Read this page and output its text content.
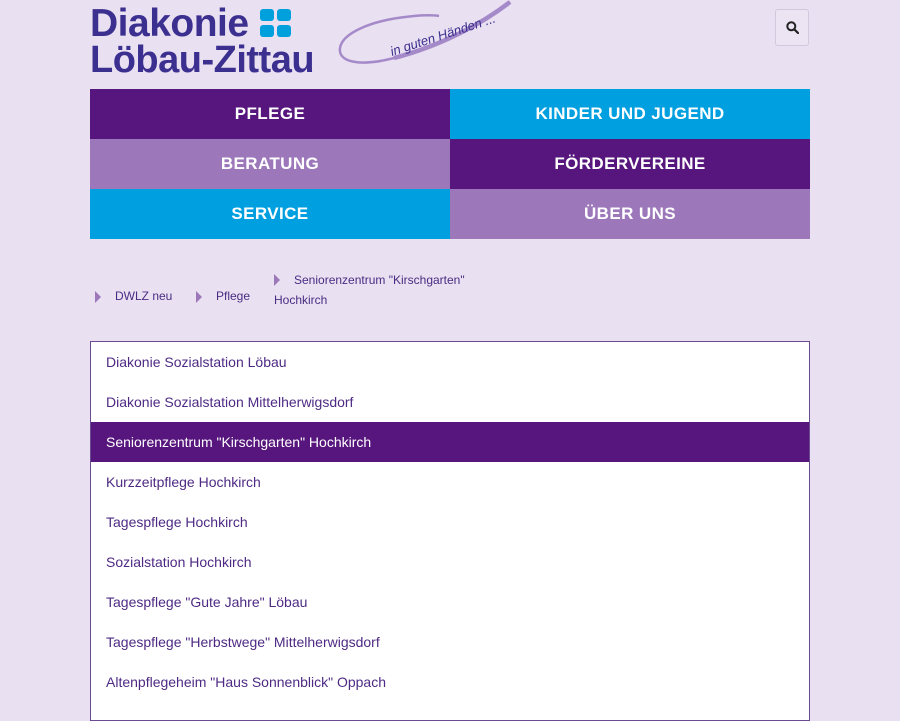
Diakonie
Löbau-Zittau
in guten Händen ...
PFLEGE	KINDER UND JUGEND
BERATUNG	FÖRDERVEREINE
SERVICE	ÜBER UNS
DWLZ neu	Pflege
Seniorenzentrum "Kirschgarten"
Hochkirch
Diakonie Sozialstation Löbau
Diakonie Sozialstation Mittelherwigsdorf
Seniorenzentrum "Kirschgarten" Hochkirch
Kurzzeitpflege Hochkirch
Tagespflege Hochkirch
Sozialstation Hochkirch
Tagespflege "Gute Jahre" Löbau
Tagespflege "Herbstwege" Mittelherwigsdorf
Altenpflegeheim "Haus Sonnenblick" Oppach
